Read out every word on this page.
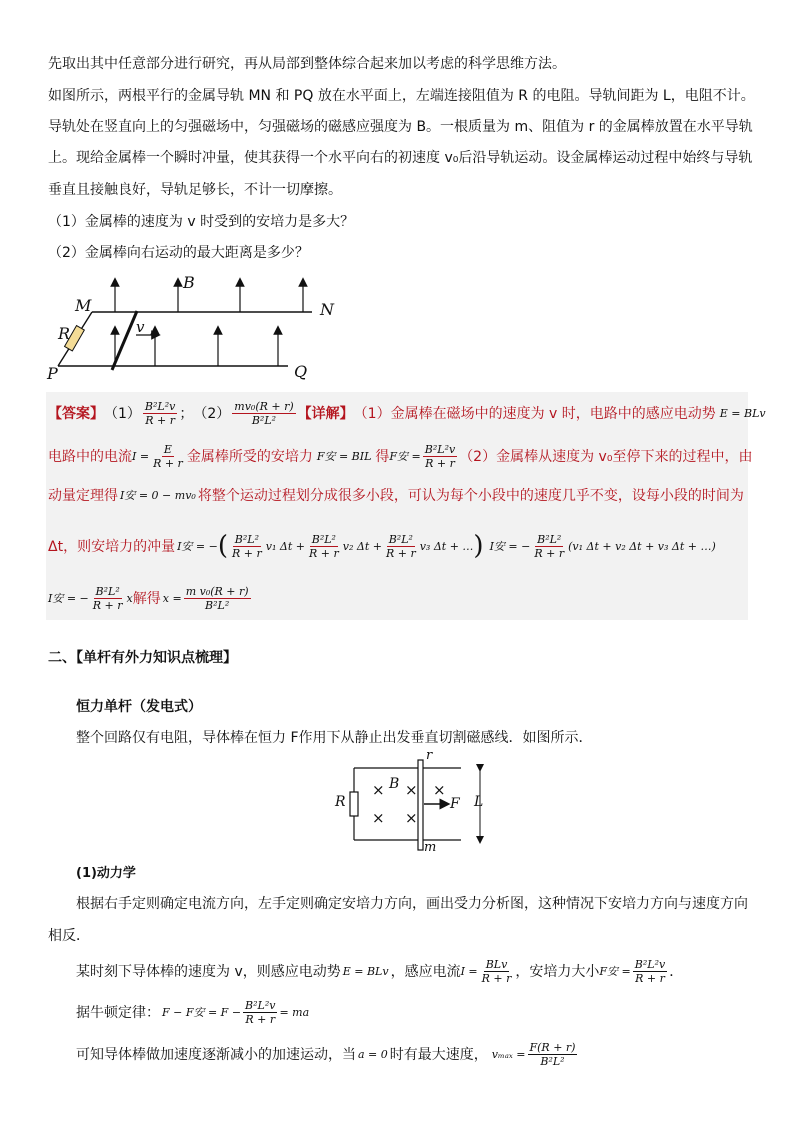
先取出其中任意部分进行研究，再从局部到整体综合起来加以考虑的科学思维方法。
如图所示，两根平行的金属导轨 MN 和 PQ 放在水平面上，左端连接阻值为 R 的电阻。导轨间距为 L，电阻不计。
导轨处在竖直向上的匀强磁场中，匀强磁场的磁感应强度为 B。一根质量为 m、阻值为 r 的金属棒放置在水平导轨
上。现给金属棒一个瞬时冲量，使其获得一个水平向右的初速度 v₀后沿导轨运动。设金属棒运动过程中始终与导轨
垂直且接触良好，导轨足够长，不计一切摩擦。
（1）金属棒的速度为 v 时受到的安培力是多大？
（2）金属棒向右运动的最大距离是多少？
M	N
P	Q
R
B
v
【答案】 $(1) \frac{\text{B²L²v}}{R + r}$ ； $(2) \frac{\text{mv₀(R + r)}}{\text{B²L²}}$ 【详解】 （1）金属棒在磁场中的速度为 v 时，电路中的感应电动势 E = BLv
电路中的电流 $I = \frac{E}{R + r}$ 金属棒所受的安培力 F安 = BIL 得 F安 = $\frac{\text{B²L²v}}{R + r} (2)$金属棒从速度为 v₀至停下来的过程中，由
动量定理得 I安 = 0 − mv₀ 将整个运动过程划分成很多小段，可认为每个小段中的速度几乎不变，设每小段的时间为
Δt，则安培力的冲量 I安 = − ( $\frac{\text{B²L²}}{R + r} v_1$ $\Delta t + \frac{\text{B²L²}}{R + r} v_2$ $\Delta t + \frac{\text{B²L²}}{R + r} v_3$ Δt + … ) I安 = − $\frac{\text{B²L²}}{R + r} (v_1$ Δt + v₂ Δt + v₃ Δt + …)
I安 = − $\frac{\text{B²L²}}{R + r}$ x 解得 $x = \frac{\text{m v₀(R + r)}}{\text{B²L²}}$
二、【单杆有外力知识点梳理】
恒力单杆（发电式）
整个回路仅有电阻，导体棒在恒力 F作用下从静止出发垂直切割磁感线．如图所示．
× ×
× ×
×
R
B
F L
r
m
(1)动力学
根据右手定则确定电流方向，左手定则确定安培力方向，画出受力分析图，这种情况下安培力方向与速度方向
相反．
某时刻下导体棒的速度为 v，则感应电动势 E = BLv ，感应电流 $I = \frac{\text{BLv}}{R + r}$ ，安培力大小 F安 = $\frac{\text{B²L²v}}{R + r}$ ．
据牛顿定律： F − F安 = $F - \frac{\text{B²L²v}}{R + r}$ = ma
可知导体棒做加速度逐渐减小的加速运动，当 a = 0 时有最大速度， $v_{max} = \frac{F(R + r)}{\text{B²L²}}$
